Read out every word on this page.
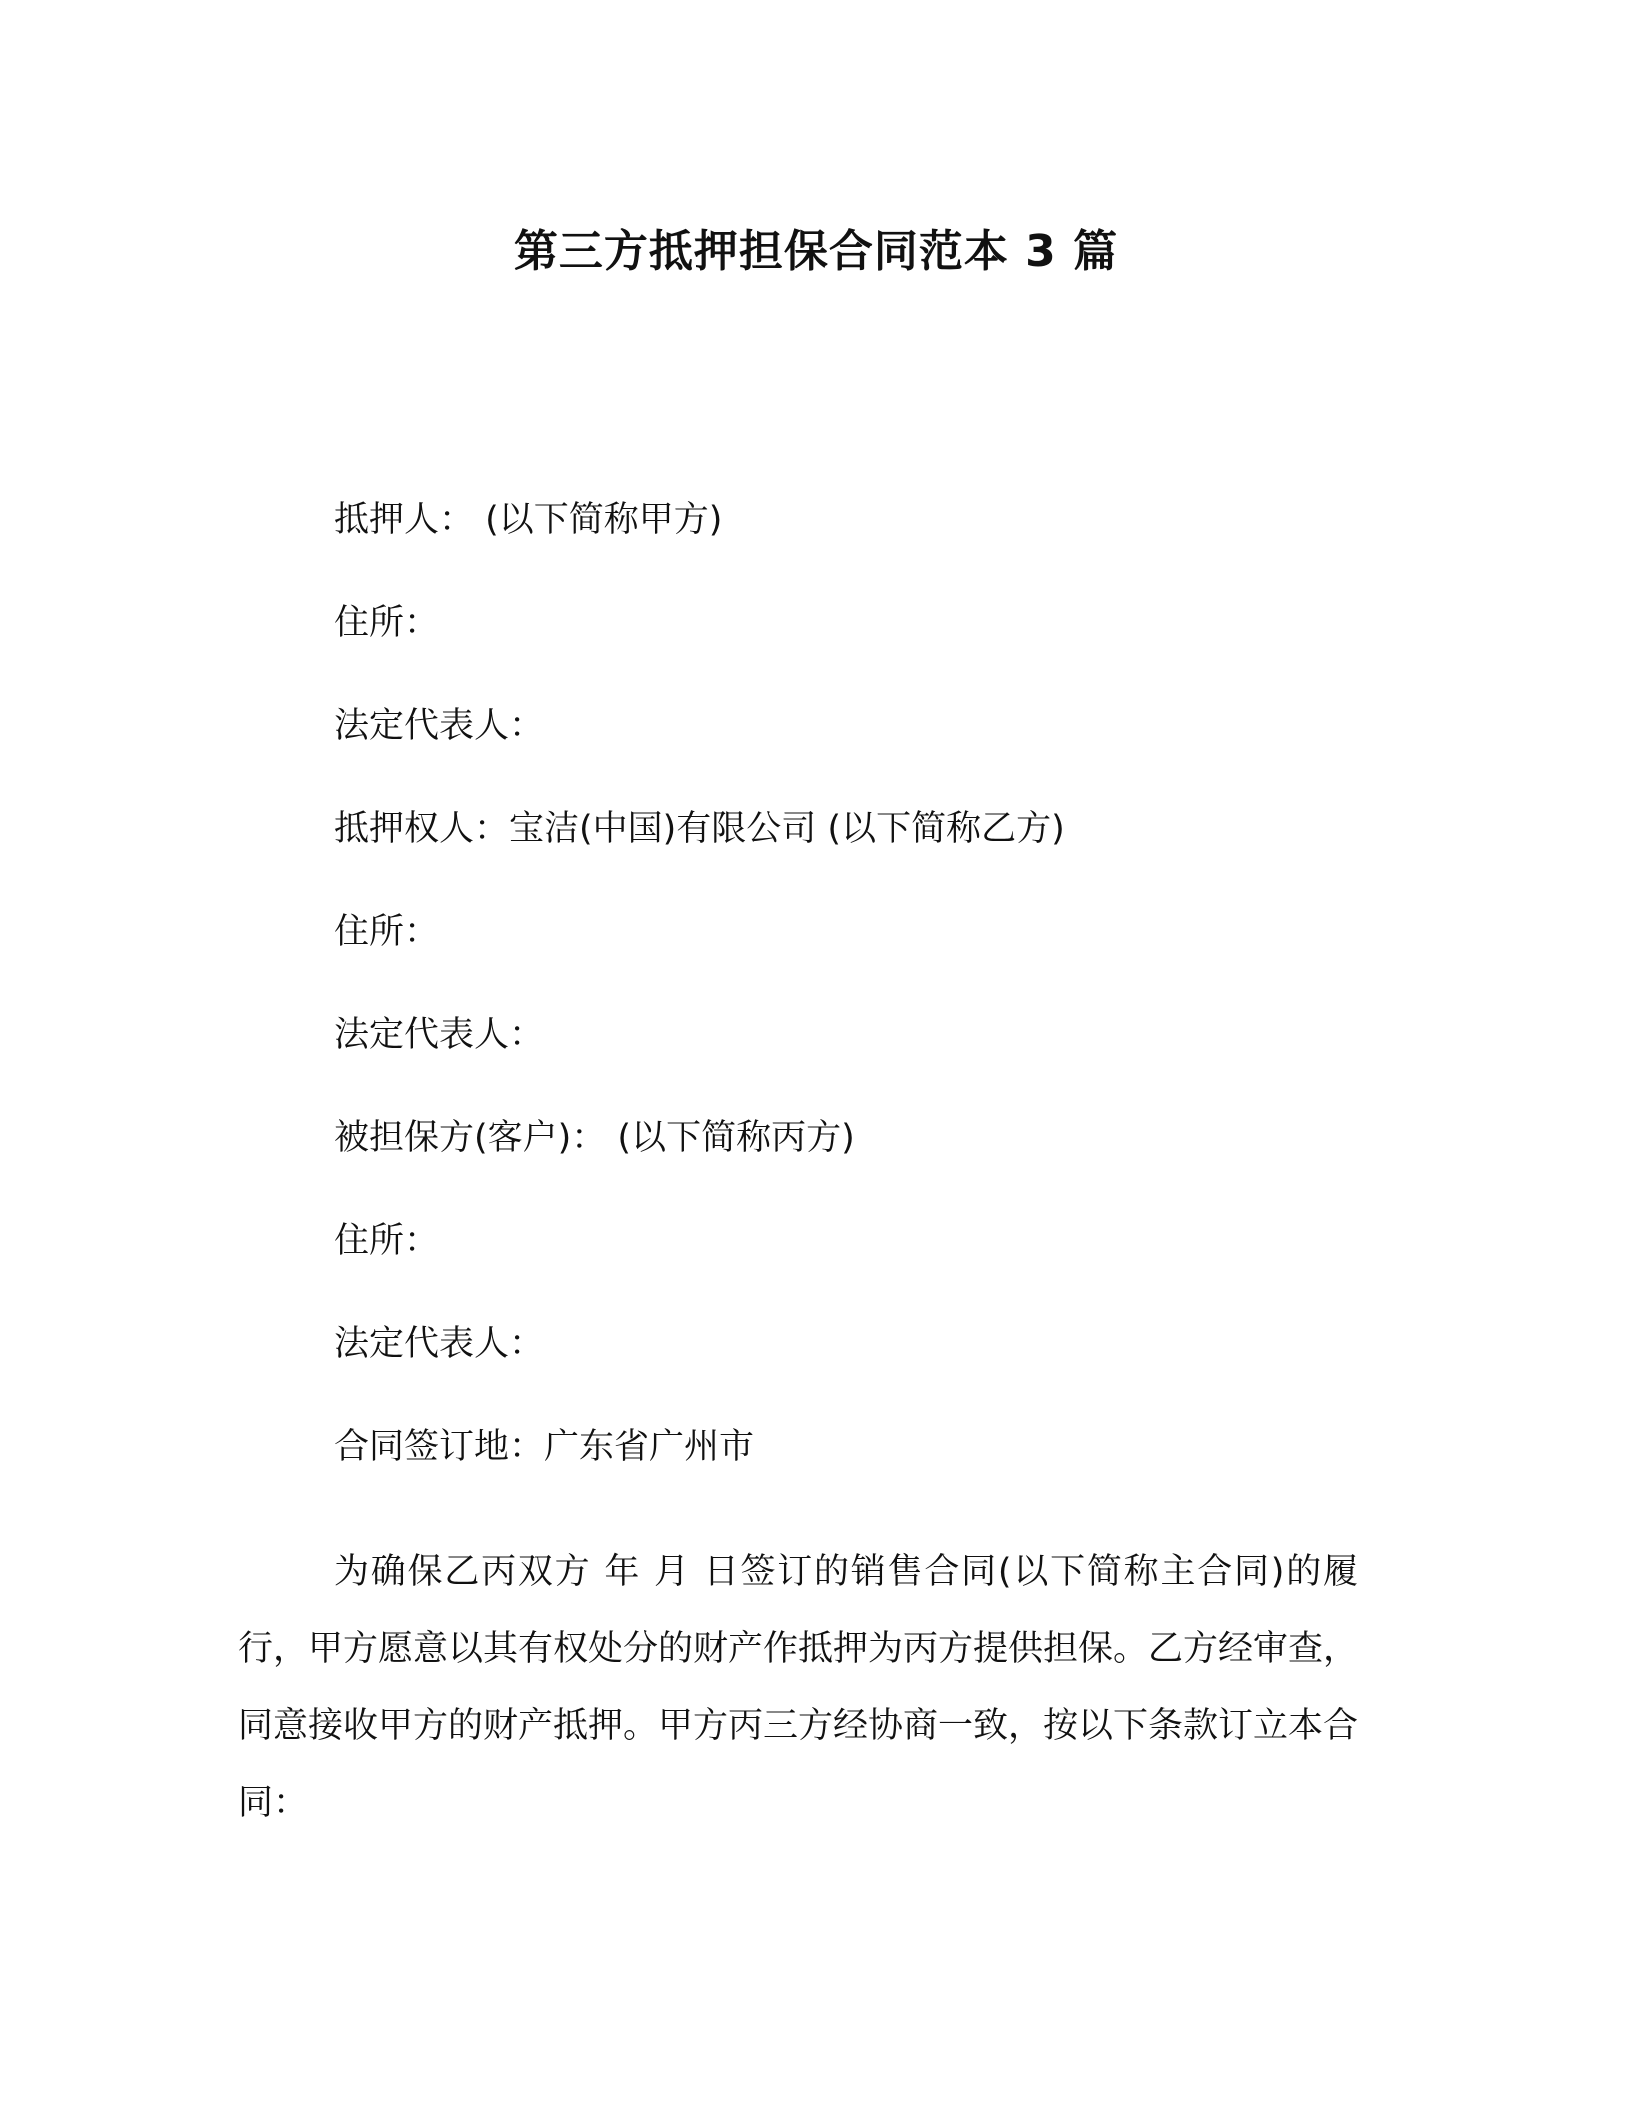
第三方抵押担保合同范本 3 篇
抵押人： (以下简称甲方)
住所：
法定代表人：
抵押权人：宝洁(中国)有限公司 (以下简称乙方)
住所：
法定代表人：
被担保方(客户)： (以下简称丙方)
住所：
法定代表人：
合同签订地：广东省广州市

为确保乙丙双方 年 月 日签订的销售合同(以下简称主合同)的履行，甲方愿意以其有权处分的财产作抵押为丙方提供担保。乙方经审查，同意接收甲方的财产抵押。甲方丙三方经协商一致，按以下条款订立本合同：
